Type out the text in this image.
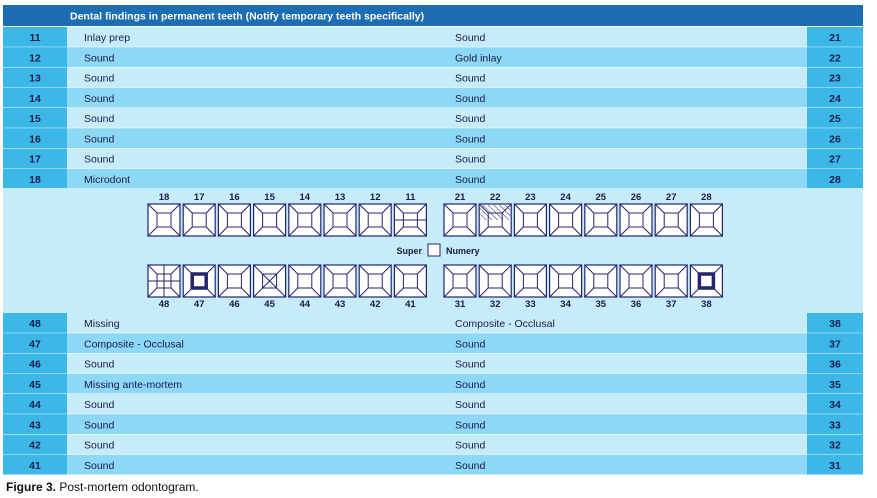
Dental findings in permanent teeth (Notify temporary teeth specifically)
11	Inlay prep	Sound	21
12	Sound	Gold inlay	22
13	Sound	Sound	23
14	Sound	Sound	24
15	Sound	Sound	25
16	Sound	Sound	26
17	Sound	Sound	27
18	Microdont	Sound	28
18	17	16	15	14	13	12	11	21	22	23	24	25	26	27	28
48	47	46	45	44	43	42	41	31	32	33	34	35	36	37	38
Super	Numery
48	Missing	Composite - Occlusal	38
47	Composite - Occlusal	Sound	37
46	Sound	Sound	36
45	Missing ante-mortem	Sound	35
44	Sound	Sound	34
43	Sound	Sound	33
42	Sound	Sound	32
41	Sound	Sound	31
Figure 3. Post-mortem odontogram.
